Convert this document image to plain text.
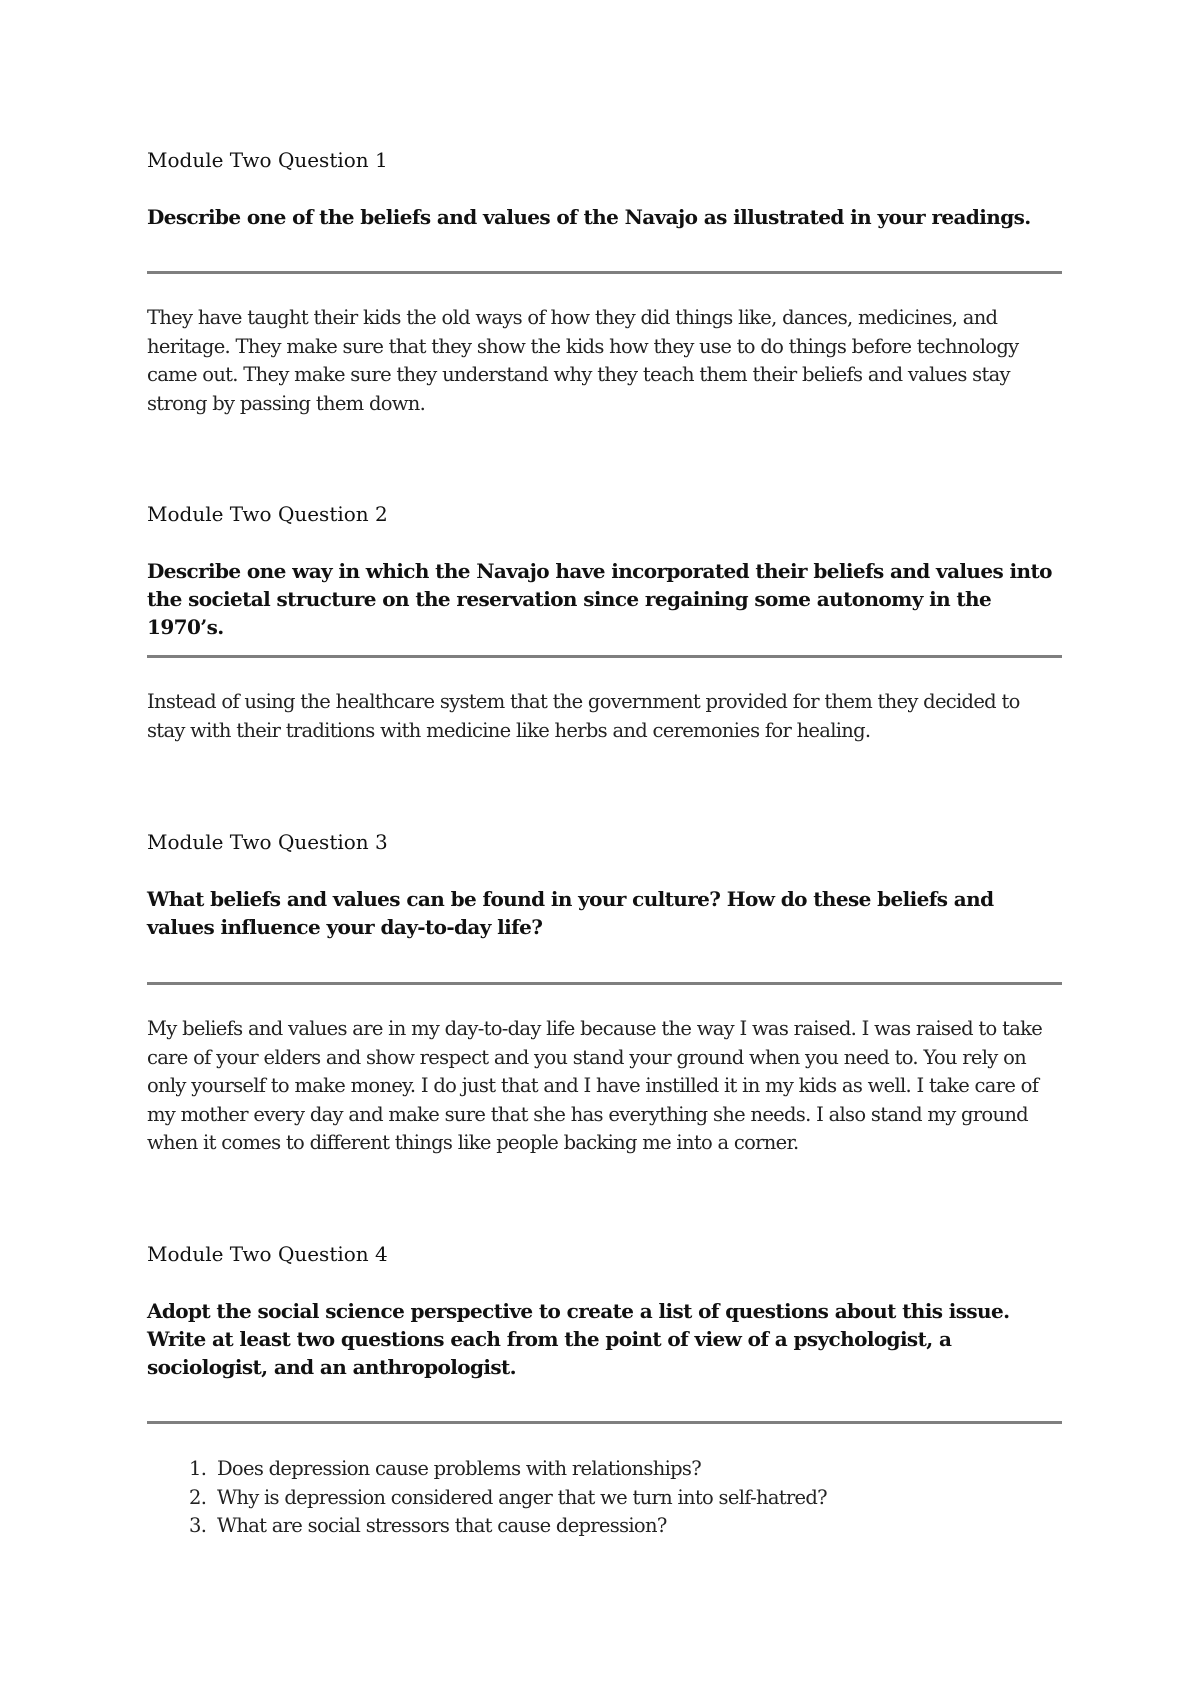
Module Two Question 1

Describe one of the beliefs and values of the Navajo as illustrated in your readings.

They have taught their kids the old ways of how they did things like, dances, medicines, and heritage. They make sure that they show the kids how they use to do things before technology came out. They make sure they understand why they teach them their beliefs and values stay strong by passing them down.

Module Two Question 2

Describe one way in which the Navajo have incorporated their beliefs and values into the societal structure on the reservation since regaining some autonomy in the 1970’s.

Instead of using the healthcare system that the government provided for them they decided to stay with their traditions with medicine like herbs and ceremonies for healing.

Module Two Question 3

What beliefs and values can be found in your culture? How do these beliefs and values influence your day-to-day life?

My beliefs and values are in my day-to-day life because the way I was raised. I was raised to take care of your elders and show respect and you stand your ground when you need to. You rely on only yourself to make money. I do just that and I have instilled it in my kids as well. I take care of my mother every day and make sure that she has everything she needs. I also stand my ground when it comes to different things like people backing me into a corner.

Module Two Question 4

Adopt the social science perspective to create a list of questions about this issue. Write at least two questions each from the point of view of a psychologist, a sociologist, and an anthropologist.

1. Does depression cause problems with relationships?
2. Why is depression considered anger that we turn into self-hatred?
3. What are social stressors that cause depression?
